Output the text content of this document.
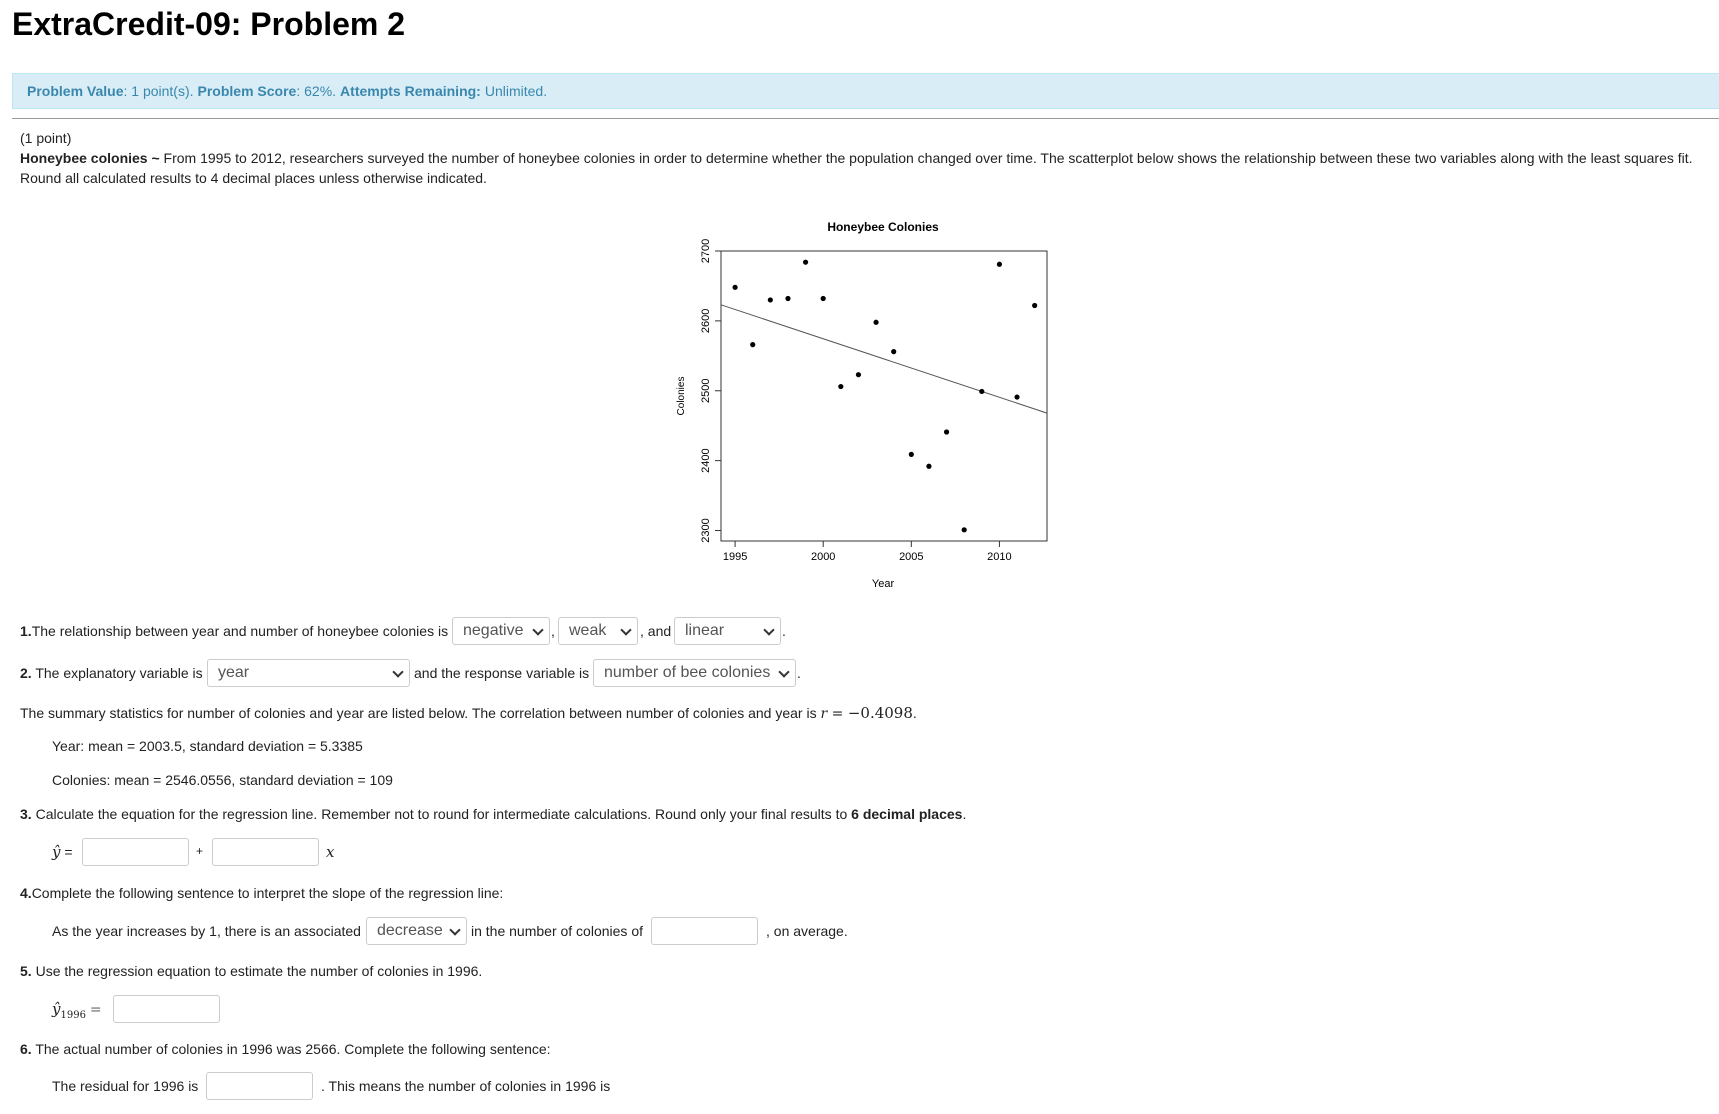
ExtraCredit-09: Problem 2
Problem Value : 1 point(s). Problem Score : 62%. Attempts Remaining: Unlimited.
(1 point)
Honeybee colonies ~ From 1995 to 2012, researchers surveyed the number of honeybee colonies in order to determine whether the population changed over time. The scatterplot below shows the relationship between these two variables along with the least squares fit.
Round all calculated results to 4 decimal places unless otherwise indicated.
Honeybee Colonies
1995	2000	2005	2010
2300
2400
2500
2600
2700
Year
Colonies
1.The relationship between year and number of honeybee colonies is negative , weak , and linear	.
2. The explanatory variable is year	and the response variable is number of bee colonies .
The summary statistics for number of colonies and year are listed below. The correlation between number of colonies and year is r = −0.4098.
Year: mean = 2003.5, standard deviation = 5.3385
Colonies: mean = 2546.0556, standard deviation = 109
3. Calculate the equation for the regression line. Remember not to round for intermediate calculations. Round only your final results to 6 decimal places.
ŷ =	+	x
4.Complete the following sentence to interpret the slope of the regression line:
As the year increases by 1, there is an associated decrease in the number of colonies of	, on average.
5. Use the regression equation to estimate the number of colonies in 1996.
$ŷ_{1996}$ =
6. The actual number of colonies in 1996 was 2566. Complete the following sentence:
The residual for 1996 is	. This means the number of colonies in 1996 is
